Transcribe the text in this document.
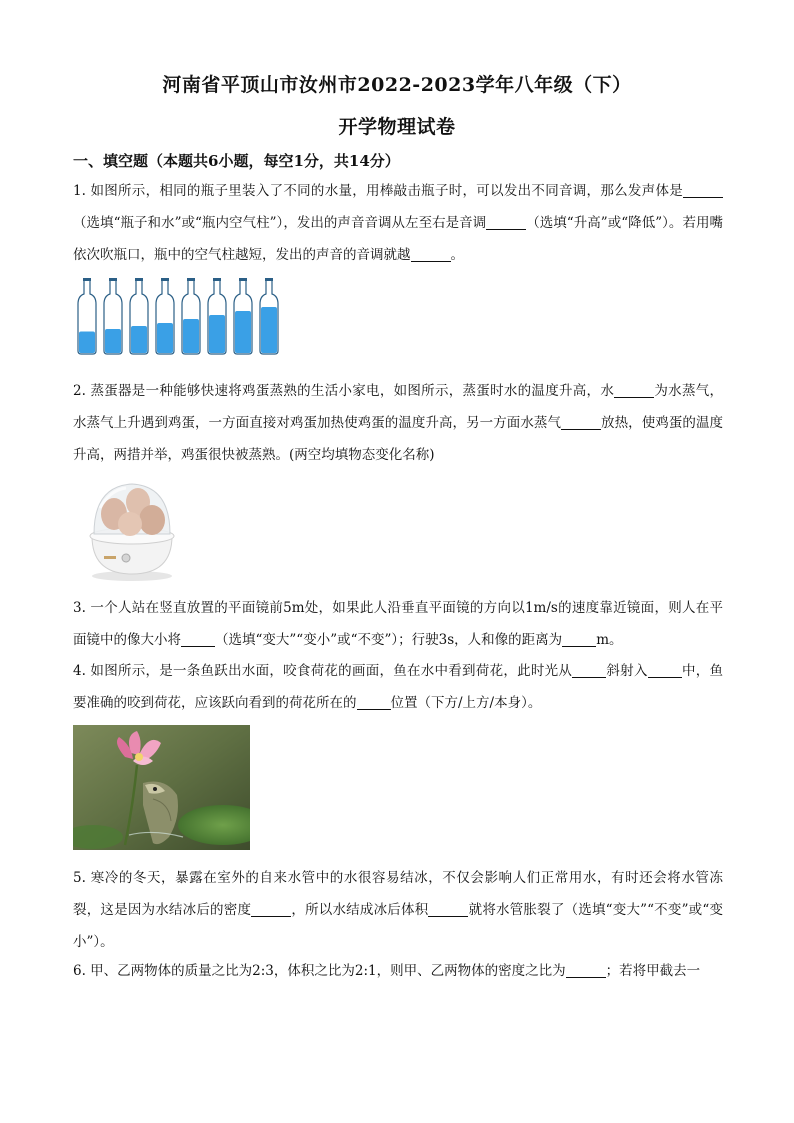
河南省平顶山市汝州市2022-2023学年八年级（下）
开学物理试卷
一、填空题（本题共6小题，每空1分，共14分）
1. 如图所示，相同的瓶子里装入了不同的水量，用棒敲击瓶子时，可以发出不同音调，那么发声体是（选填“瓶子和水”或“瓶内空气柱”），发出的声音音调从左至右是音调	（选填“升高”或“降低”）。若用嘴依次吹瓶口，瓶中的空气柱越短，发出的声音的音调就越	。
2. 蒸蛋器是一种能够快速将鸡蛋蒸熟的生活小家电，如图所示，蒸蛋时水的温度升高，水	为水蒸气，水蒸气上升遇到鸡蛋，一方面直接对鸡蛋加热使鸡蛋的温度升高，另一方面水蒸气	放热，使鸡蛋的温度升高，两措并举，鸡蛋很快被蒸熟。(两空均填物态变化名称)
3. 一个人站在竖直放置的平面镜前5m处，如果此人沿垂直平面镜的方向以1m/s的速度靠近镜面，则人在平面镜中的像大小将	（选填“变大”“变小”或“不变”）；行驶3s，人和像的距离为	m。
4. 如图所示，是一条鱼跃出水面，咬食荷花的画面，鱼在水中看到荷花，此时光从	斜射入	中，鱼要准确的咬到荷花，应该跃向看到的荷花所在的	位置（下方/上方/本身）。
5. 寒冷的冬天，暴露在室外的自来水管中的水很容易结冰，不仅会影响人们正常用水，有时还会将水管冻裂，这是因为水结冰后的密度	，所以水结成冰后体积	就将水管胀裂了（选填“变大”“不变”或“变小”）。
6. 甲、乙两物体的质量之比为2:3，体积之比为2:1，则甲、乙两物体的密度之比为	；若将甲截去一
